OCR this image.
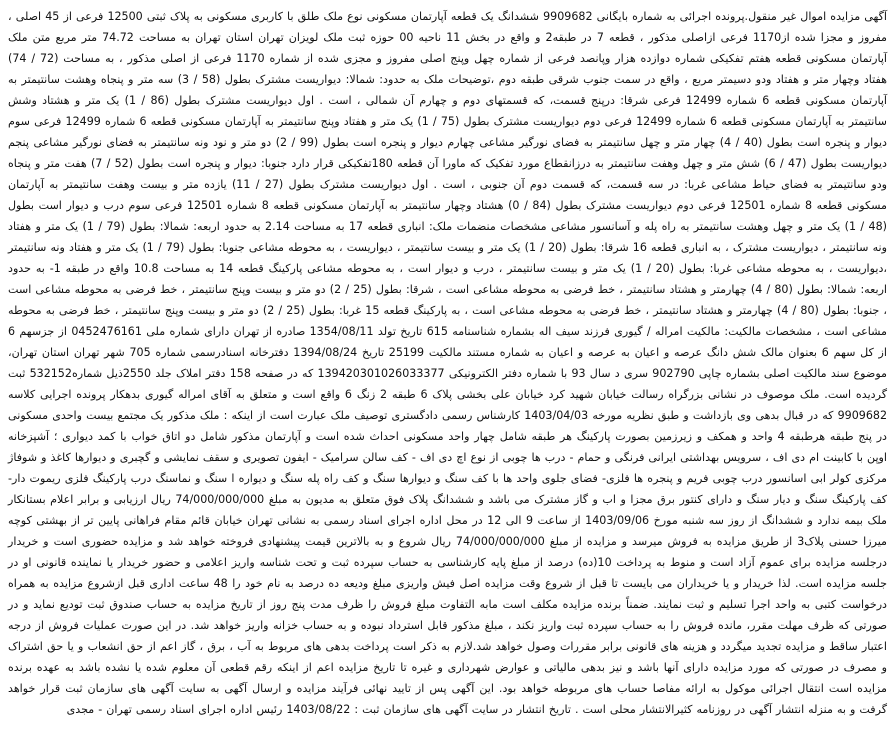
آگهی مزایده اموال غیر منقول.پرونده اجرائی به شماره بایگانی 9909682 ششدانگ یک قطعه آپارتمان مسکونی نوع ملک طلق با کاربری مسکونی به پلاک ثبتی 12500 فرعی از 45 اصلی ، مفروز و مجزا شده از1170 فرعی ازاصلی مذکور ، قطعه 7 در طبقه2 و واقع در بخش 11 ناحیه 00 حوزه ثبت ملک لویزان تهران استان تهران به مساحت 74.72 متر مربع متن ملک آپارتمان مسکونی قطعه هفتم تفکیکی شماره دوازده هزار وپانصد فرعی از شماره چهل وپنج اصلی مفروز و مجزی شده از شماره 1170 فرعی از اصلی مذکور ، به مساحت (72 / 74) هفتاد وچهار متر و هفتاد ودو دسیمتر مربع ، واقع در سمت جنوب شرقی طبقه دوم ،توضیحات ملک به حدود: شمالا: دیواریست مشترک بطول (58 / 3) سه متر و پنجاه وهشت سانتیمتر به آپارتمان مسکونی قطعه 6 شماره 12499 فرعی شرقا: درپنج قسمت، که قسمتهای دوم و چهارم آن شمالی ، است . اول دیواریست مشترک بطول (86 / 1) یک متر و هشتاد وشش سانتیمتر به آپارتمان مسکونی قطعه 6 شماره 12499 فرعی دوم دیواریست مشترک بطول (75 / 1) یک متر و هفتاد وپنج سانتیمتر به آپارتمان مسکونی قطعه 6 شماره 12499 فرعی سوم دیوار و پنجره است بطول (40 / 4) چهار متر و چهل سانتیمتر به فضای نورگیر مشاعی چهارم دیوار و پنجره است بطول (99 / 2) دو متر و نود ونه سانتیمتر به فضای نورگیر مشاعی پنجم دیواریست بطول (47 / 6) شش متر و چهل وهفت سانتیمتر به درزانقطاع مورد تفکیک که ماورا آن قطعه 180تفکیکی قرار دارد جنوبا: دیوار و پنجره است بطول (52 / 7) هفت متر و پنجاه ودو سانتیمتر به فضای حیاط مشاعی غربا: در سه قسمت، که قسمت دوم آن جنوبی ، است . اول دیواریست مشترک بطول (27 / 11) یازده متر و بیست وهفت سانتیمتر به آپارتمان مسکونی قطعه 8 شماره 12501 فرعی دوم دیواریست مشترک بطول (84 / 0) هشتاد وچهار سانتیمتر به آپارتمان مسکونی قطعه 8 شماره 12501 فرعی سوم درب و دیوار است بطول (48 / 1) یک متر و چهل وهشت سانتیمتر به راه پله و آسانسور مشاعی مشخصات منضمات ملک: انباری قطعه 17 به مساحت 2.14 به حدود اربعه: شمالا: بطول (79 / 1) یک متر و هفتاد ونه سانتیمتر ، دیواریست مشترک ، به انباری قطعه 16 شرقا: بطول (20 / 1) یک متر و بیست سانتیمتر ، دیواریست ، به محوطه مشاعی جنوبا: بطول (79 / 1) یک متر و هفتاد ونه سانتیمتر ،دیواریست ، به محوطه مشاعی غربا: بطول (20 / 1) یک متر و بیست سانتیمتر ، درب و دیوار است ، به محوطه مشاعی پارکینگ قطعه 14 به مساحت 10.8 واقع در طبقه 1- به حدود اربعه: شمالا: بطول (80 / 4) چهارمتر و هشتاد سانتیمتر ، خط فرضی به محوطه مشاعی است ، شرقا: بطول (25 / 2) دو متر و بیست وپنج سانتیمتر ، خط فرضی به محوطه مشاعی است ، جنوبا: بطول (80 / 4) چهارمتر و هشتاد سانتیمتر ، خط فرضی به محوطه مشاعی است ، به پارکینگ قطعه 15 غربا: بطول (25 / 2) دو متر و بیست وپنج سانتیمتر ، خط فرضی به محوطه مشاعی است ، مشخصات مالکیت: مالکیت امراله / گیوری فرزند سیف اله بشماره شناسنامه 615 تاریخ تولد 1354/08/11 صادره از تهران دارای شماره ملی 0452476161 از جزسهم 6 از کل سهم 6 بعنوان مالک شش دانگ عرصه و اعیان به عرصه و اعیان به شماره مستند مالکیت 25199 تاریخ 1394/08/24 دفترخانه اسنادرسمی شماره 705 شهر تهران استان تهران، موضوع سند مالکیت اصلی بشماره چاپی 902790 سری د سال 93 با شماره دفتر الکترونیکی 139420301026033377 که در صفحه 158 دفتر املاک جلد 2550ذیل شماره532152 ثبت گردیده است. ملک موصوف در نشانی بزرگراه رسالت خیابان شهید کرد خیابان علی بخشی پلاک 6 طبقه 2 زنگ 6 واقع است و متعلق به آقای امراله گیوری بدهکار پرونده اجرایی کلاسه 9909682 که در قبال بدهی وی بازداشت و طبق نظریه مورخه 1403/04/03 کارشناس رسمی دادگستری توصیف ملک عبارت است از اینکه : ملک مذکور یک مجتمع بیست واحدی مسکونی در پنج طبقه هرطبقه 4 واحد و همکف و زیرزمین بصورت پارکینگ هر طبقه شامل چهار واحد مسکونی احداث شده است و آپارتمان مذکور شامل دو اتاق خواب با کمد دیواری ؛ آشپزخانه اوپن با کابینت ام دی اف ، سرویس بهداشتی ایرانی فرنگی و حمام - درب ها چوبی از نوع اچ دی اف - کف سالن سرامیک - ایفون تصویری و سقف نمایشی و گچبری و دیوارها کاغذ و شوفاژ مرکزی کولر ابی اسانسور درب چوبی فریم و پنجره ها فلزی- فضای جلوی واحد ها با کف سنگ و دیوارها سنگ و کف راه پله سنگ و دیواره ا سنگ و نماسنگ درب پارکینگ فلزی ریموت دار- کف پارکینگ سنگ و دیار سنگ و دارای کنتور برق مجزا و اب و گاز مشترک می باشد و ششدانگ پلاک فوق متعلق به مدیون به مبلغ 74/000/000/000 ریال ارزیابی و برابر اعلام بستانکار ملک بیمه ندارد و ششدانگ از روز سه شنبه مورخ 1403/09/06 از ساعت 9 الی 12 در محل اداره اجرای اسناد رسمی به نشانی تهران خیابان قائم مقام فراهانی پایین تر از بهشتی کوچه میرزا حسنی پلاک3 از طریق مزایده به فروش میرسد و مزایده از مبلغ 74/000/000/000 ریال شروع و به بالاترین قیمت پیشنهادی فروخته خواهد شد و مزایده حضوری است و خریدار درجلسه مزایده برای عموم آزاد است و منوط به پرداخت 10(ده) درصد از مبلغ پایه کارشناسی به حساب سپرده ثبت و تحت شناسه واریز اعلامی و حضور خریدار یا نماینده قانونی او در جلسه مزایده است. لذا خریدار و یا خریداران می بایست تا قبل از شروع وقت مزایده اصل فیش واریزی مبلغ ودیعه ده درصد به نام خود را 48 ساعت اداری قبل ازشروع مزایده به همراه درخواست کتبی به واحد اجرا تسلیم و ثبت نمایند. ضمناً برنده مزایده مکلف است مابه التفاوت مبلغ فروش را ظرف مدت پنج روز از تاریخ مزایده به حساب صندوق ثبت تودیع نماید و در صورتی که ظرف مهلت مقرر، مانده فروش را به حساب سپرده ثبت واریز نکند ، مبلغ مذکور قابل استرداد نبوده و به حساب خزانه واریز خواهد شد. در این صورت عملیات فروش از درجه اعتبار ساقط و مزایده تجدید میگردد و هزینه های قانونی برابر مقررات وصول خواهد شد.لازم به ذکر است پرداخت بدهی های مربوط به آب ، برق ، گاز اعم از حق انشعاب و یا حق اشتراک و مصرف در صورتی که مورد مزایده دارای آنها باشد و نیز بدهی مالیاتی و عوارض شهرداری و غیره تا تاریخ مزایده اعم از اینکه رقم قطعی آن معلوم شده یا نشده باشد به عهده برنده مزایده است انتقال اجرائی موکول به ارائه مفاصا حساب های مربوطه خواهد بود. این آگهی پس از تایید نهائی فرآیند مزایده و ارسال آگهی به سایت آگهی های سازمان ثبت قرار خواهد گرفت و به منزله انتشار آگهی در روزنامه کثیرالانتشار محلی است . تاریخ انتشار در سایت آگهی های سازمان ثبت : 1403/08/22 رئیس اداره اجرای اسناد رسمی تهران - مجدی
